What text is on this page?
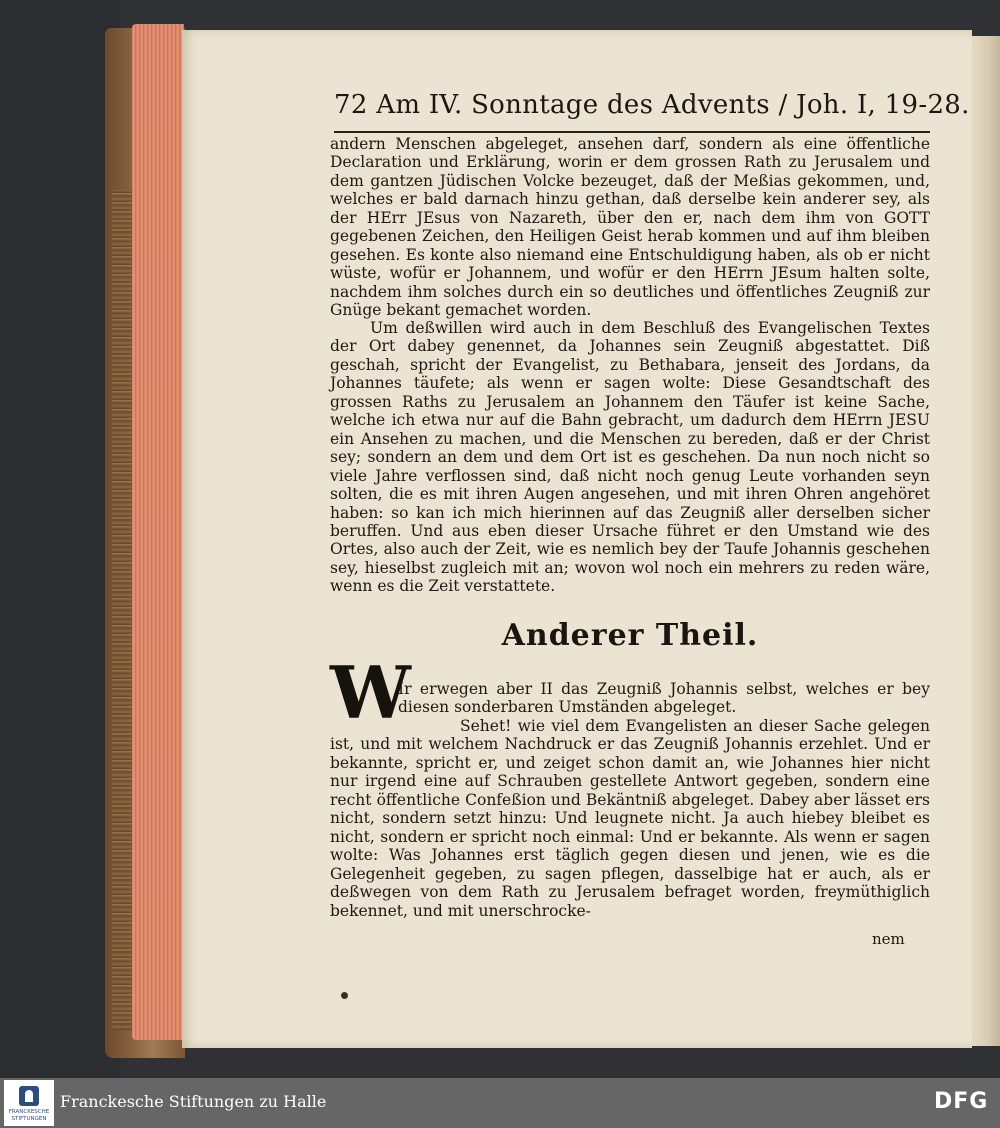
72 Am IV. Sonntage des Advents / Joh. I, 19-28.
andern Menschen abgeleget, ansehen darf, sondern als eine öffentliche Declaration und Erklärung, worin er dem grossen Rath zu Jerusalem und dem gantzen Jüdischen Volcke bezeuget, daß der Meßias gekommen, und, welches er bald darnach hinzu gethan, daß derselbe kein anderer sey, als der HErr JEsus von Nazareth, über den er, nach dem ihm von GOTT gegebenen Zeichen, den Heiligen Geist herab kommen und auf ihm bleiben gesehen. Es konte also niemand eine Entschuldigung haben, als ob er nicht wüste, wofür er Johannem, und wofür er den HErrn JEsum halten solte, nachdem ihm solches durch ein so deutliches und öffentliches Zeugniß zur Gnüge bekant gemachet worden.
Um deßwillen wird auch in dem Beschluß des Evangelischen Textes der Ort dabey genennet, da Johannes sein Zeugniß abgestattet. Diß geschah, spricht der Evangelist, zu Bethabara, jenseit des Jordans, da Johannes täufete; als wenn er sagen wolte: Diese Gesandtschaft des grossen Raths zu Jerusalem an Johannem den Täufer ist keine Sache, welche ich etwa nur auf die Bahn gebracht, um dadurch dem HErrn JESU ein Ansehen zu machen, und die Menschen zu bereden, daß er der Christ sey; sondern an dem und dem Ort ist es geschehen. Da nun noch nicht so viele Jahre verflossen sind, daß nicht noch genug Leute vorhanden seyn solten, die es mit ihren Augen angesehen, und mit ihren Ohren angehöret haben: so kan ich mich hierinnen auf das Zeugniß aller derselben sicher beruffen. Und aus eben dieser Ursache führet er den Umstand wie des Ortes, also auch der Zeit, wie es nemlich bey der Taufe Johannis geschehen sey, hieselbst zugleich mit an; wovon wol noch ein mehrers zu reden wäre, wenn es die Zeit verstattete.
Anderer Theil.
W
Ir erwegen aber II das Zeugniß Johannis selbst, welches er bey diesen sonderbaren Umständen abgeleget.
Sehet! wie viel dem Evangelisten an dieser Sache gelegen ist, und mit welchem Nachdruck er das Zeugniß Johannis erzehlet. Und er bekannte, spricht er, und zeiget schon damit an, wie Johannes hier nicht nur irgend eine auf Schrauben gestellete Antwort gegeben, sondern eine recht öffentliche Confeßion und Bekäntniß abgeleget. Dabey aber lässet ers nicht, sondern setzt hinzu: Und leugnete nicht. Ja auch hiebey bleibet es nicht, sondern er spricht noch einmal: Und er bekannte. Als wenn er sagen wolte: Was Johannes erst täglich gegen diesen und jenen, wie es die Gelegenheit gegeben, zu sagen pflegen, dasselbige hat er auch, als er deßwegen von dem Rath zu Jerusalem befraget worden, freymüthiglich bekennet, und mit unerschrocke-
nem
FRANCKESCHE STIFTUNGEN
Franckesche Stiftungen zu Halle	DFG
